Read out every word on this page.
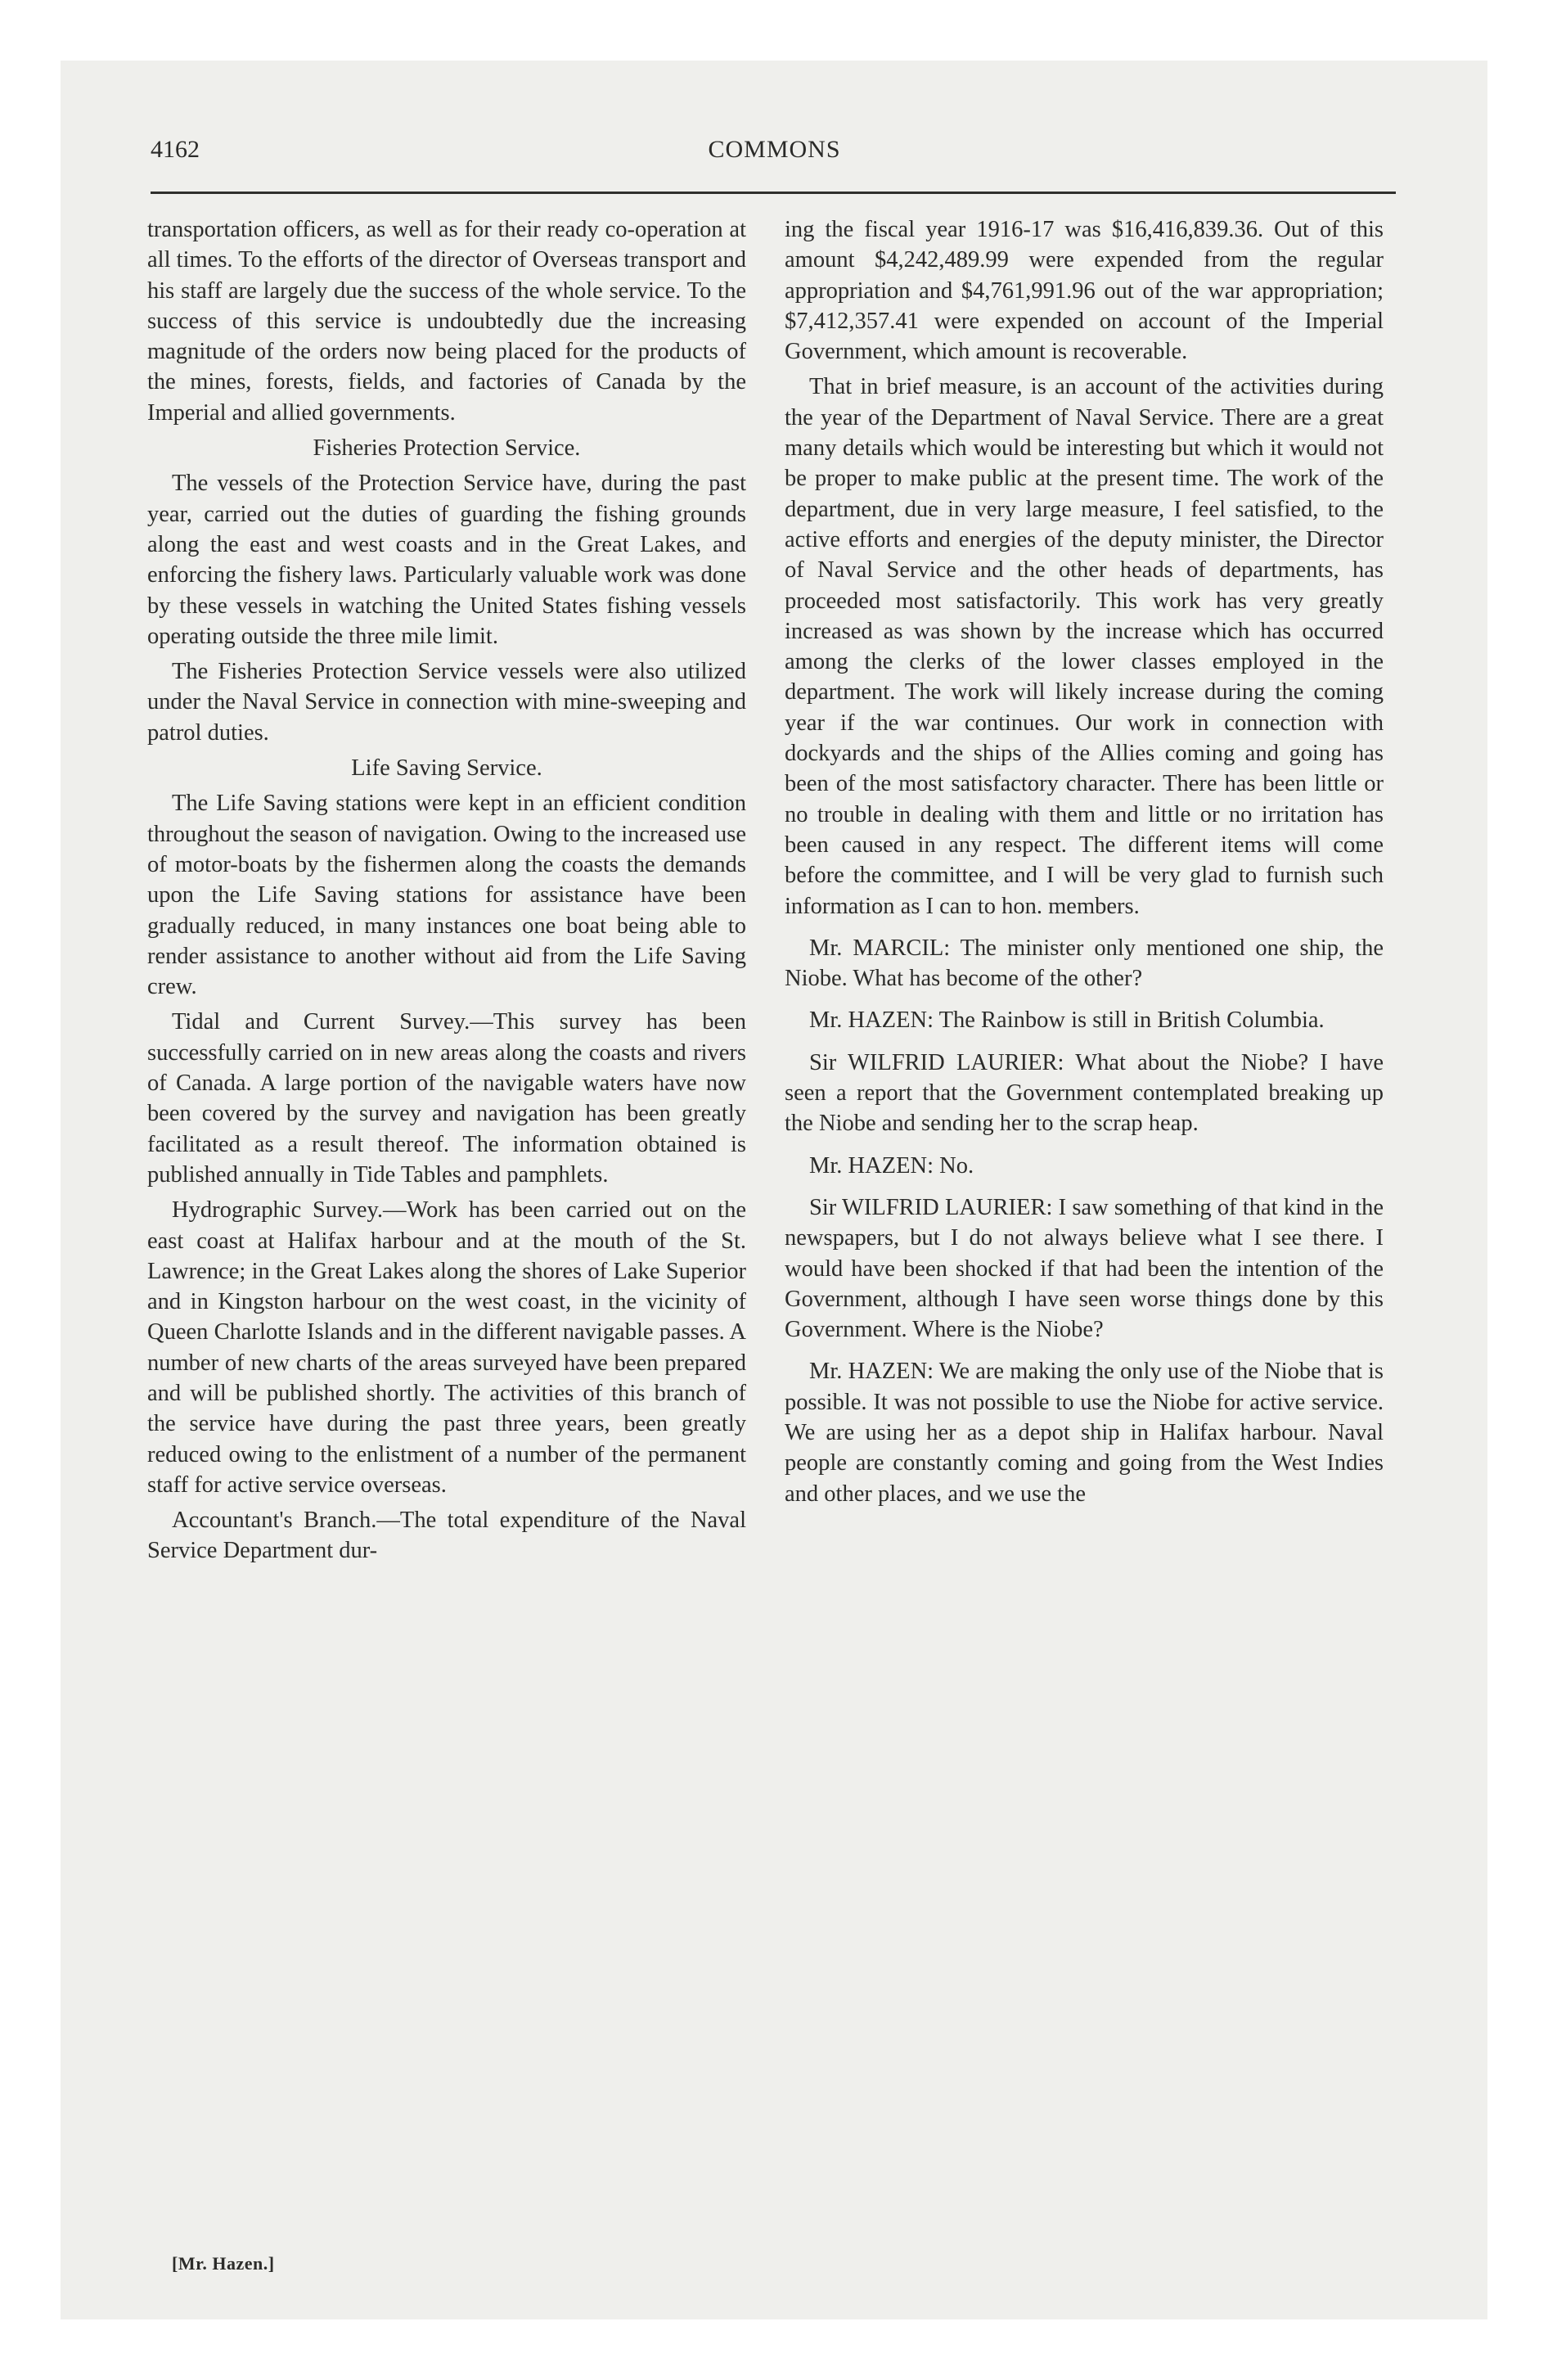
4162	COMMONS

transportation officers, as well as for their ready co-operation at all times. To the efforts of the director of Overseas transport and his staff are largely due the success of the whole service. To the success of this service is undoubtedly due the increasing magnitude of the orders now being placed for the products of the mines, forests, fields, and factories of Canada by the Imperial and allied governments.

Fisheries Protection Service.

The vessels of the Protection Service have, during the past year, carried out the duties of guarding the fishing grounds along the east and west coasts and in the Great Lakes, and enforcing the fishery laws. Particularly valuable work was done by these vessels in watching the United States fishing vessels operating outside the three mile limit.

The Fisheries Protection Service vessels were also utilized under the Naval Service in connection with mine-sweeping and patrol duties.

Life Saving Service.

The Life Saving stations were kept in an efficient condition throughout the season of navigation. Owing to the increased use of motor-boats by the fishermen along the coasts the demands upon the Life Saving stations for assistance have been gradually reduced, in many instances one boat being able to render assistance to another without aid from the Life Saving crew.

Tidal and Current Survey.—This survey has been successfully carried on in new areas along the coasts and rivers of Canada. A large portion of the navigable waters have now been covered by the survey and navigation has been greatly facilitated as a result thereof. The information obtained is published annually in Tide Tables and pamphlets.

Hydrographic Survey.—Work has been carried out on the east coast at Halifax harbour and at the mouth of the St. Lawrence; in the Great Lakes along the shores of Lake Superior and in Kingston harbour on the west coast, in the vicinity of Queen Charlotte Islands and in the different navigable passes. A number of new charts of the areas surveyed have been prepared and will be published shortly. The activities of this branch of the service have during the past three years, been greatly reduced owing to the enlistment of a number of the permanent staff for active service overseas.

Accountant's Branch.—The total expenditure of the Naval Service Department dur-

ing the fiscal year 1916-17 was $16,416,839.36. Out of this amount $4,242,489.99 were expended from the regular appropriation and $4,761,991.96 out of the war appropriation; $7,412,357.41 were expended on account of the Imperial Government, which amount is recoverable.

That in brief measure, is an account of the activities during the year of the Department of Naval Service. There are a great many details which would be interesting but which it would not be proper to make public at the present time. The work of the department, due in very large measure, I feel satisfied, to the active efforts and energies of the deputy minister, the Director of Naval Service and the other heads of departments, has proceeded most satisfactorily. This work has very greatly increased as was shown by the increase which has occurred among the clerks of the lower classes employed in the department. The work will likely increase during the coming year if the war continues. Our work in connection with dockyards and the ships of the Allies coming and going has been of the most satisfactory character. There has been little or no trouble in dealing with them and little or no irritation has been caused in any respect. The different items will come before the committee, and I will be very glad to furnish such information as I can to hon. members.

Mr. MARCIL: The minister only mentioned one ship, the Niobe. What has become of the other?

Mr. HAZEN: The Rainbow is still in British Columbia.

Sir WILFRID LAURIER: What about the Niobe? I have seen a report that the Government contemplated breaking up the Niobe and sending her to the scrap heap.

Mr. HAZEN: No.

Sir WILFRID LAURIER: I saw something of that kind in the newspapers, but I do not always believe what I see there. I would have been shocked if that had been the intention of the Government, although I have seen worse things done by this Government. Where is the Niobe?

Mr. HAZEN: We are making the only use of the Niobe that is possible. It was not possible to use the Niobe for active service. We are using her as a depot ship in Halifax harbour. Naval people are constantly coming and going from the West Indies and other places, and we use the

[Mr. Hazen.]
